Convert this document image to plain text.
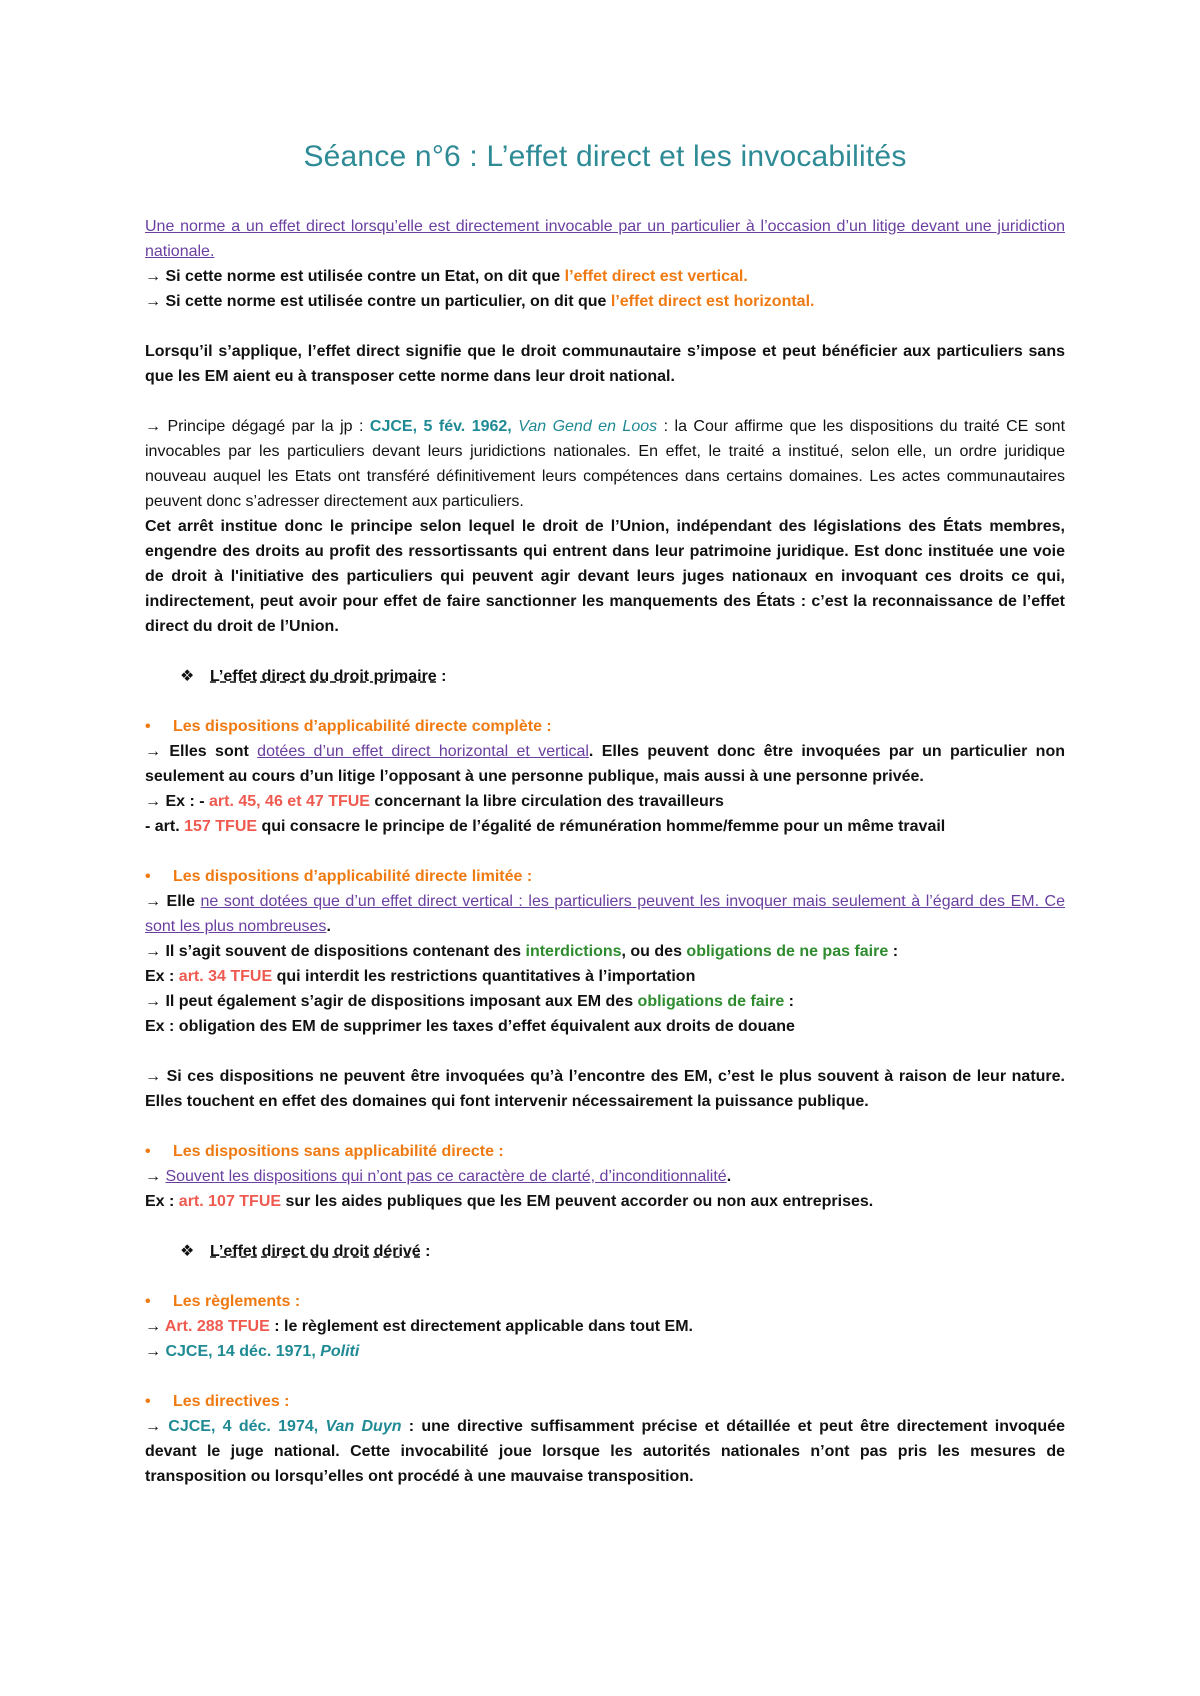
Séance n°6 : L’effet direct et les invocabilités

Une norme a un effet direct lorsqu’elle est directement invocable par un particulier à l’occasion d’un litige devant une juridiction nationale.

→ Si cette norme est utilisée contre un Etat, on dit que l’effet direct est vertical.

→ Si cette norme est utilisée contre un particulier, on dit que l’effet direct est horizontal.

Lorsqu’il s’applique, l’effet direct signifie que le droit communautaire s’impose et peut bénéficier aux particuliers sans que les EM aient eu à transposer cette norme dans leur droit national.

→ Principe dégagé par la jp : CJCE, 5 fév. 1962, Van Gend en Loos : la Cour affirme que les dispositions du traité CE sont invocables par les particuliers devant leurs juridictions nationales. En effet, le traité a institué, selon elle, un ordre juridique nouveau auquel les Etats ont transféré définitivement leurs compétences dans certains domaines. Les actes communautaires peuvent donc s’adresser directement aux particuliers.

Cet arrêt institue donc le principe selon lequel le droit de l’Union, indépendant des législations des États membres, engendre des droits au profit des ressortissants qui entrent dans leur patrimoine juridique. Est donc instituée une voie de droit à l'initiative des particuliers qui peuvent agir devant leurs juges nationaux en invoquant ces droits ce qui, indirectement, peut avoir pour effet de faire sanctionner les manquements des États : c’est la reconnaissance de l’effet direct du droit de l’Union.

❖ L’effet direct du droit primaire :

• Les dispositions d’applicabilité directe complète :

→ Elles sont dotées d’un effet direct horizontal et vertical. Elles peuvent donc être invoquées par un particulier non seulement au cours d’un litige l’opposant à une personne publique, mais aussi à une personne privée.

→ Ex : - art. 45, 46 et 47 TFUE concernant la libre circulation des travailleurs

- art. 157 TFUE qui consacre le principe de l’égalité de rémunération homme/femme pour un même travail

• Les dispositions d’applicabilité directe limitée :

→ Elle ne sont dotées que d’un effet direct vertical : les particuliers peuvent les invoquer mais seulement à l’égard des EM. Ce sont les plus nombreuses.

→ Il s’agit souvent de dispositions contenant des interdictions, ou des obligations de ne pas faire :

Ex : art. 34 TFUE qui interdit les restrictions quantitatives à l’importation

→ Il peut également s’agir de dispositions imposant aux EM des obligations de faire :

Ex : obligation des EM de supprimer les taxes d’effet équivalent aux droits de douane

→ Si ces dispositions ne peuvent être invoquées qu’à l’encontre des EM, c’est le plus souvent à raison de leur nature. Elles touchent en effet des domaines qui font intervenir nécessairement la puissance publique.

• Les dispositions sans applicabilité directe :

→ Souvent les dispositions qui n’ont pas ce caractère de clarté, d’inconditionnalité.

Ex : art. 107 TFUE sur les aides publiques que les EM peuvent accorder ou non aux entreprises.

❖ L’effet direct du droit dérivé :

• Les règlements :

→ Art. 288 TFUE : le règlement est directement applicable dans tout EM.

→ CJCE, 14 déc. 1971, Politi

• Les directives :

→ CJCE, 4 déc. 1974, Van Duyn : une directive suffisamment précise et détaillée et peut être directement invoquée devant le juge national. Cette invocabilité joue lorsque les autorités nationales n’ont pas pris les mesures de transposition ou lorsqu’elles ont procédé à une mauvaise transposition.
